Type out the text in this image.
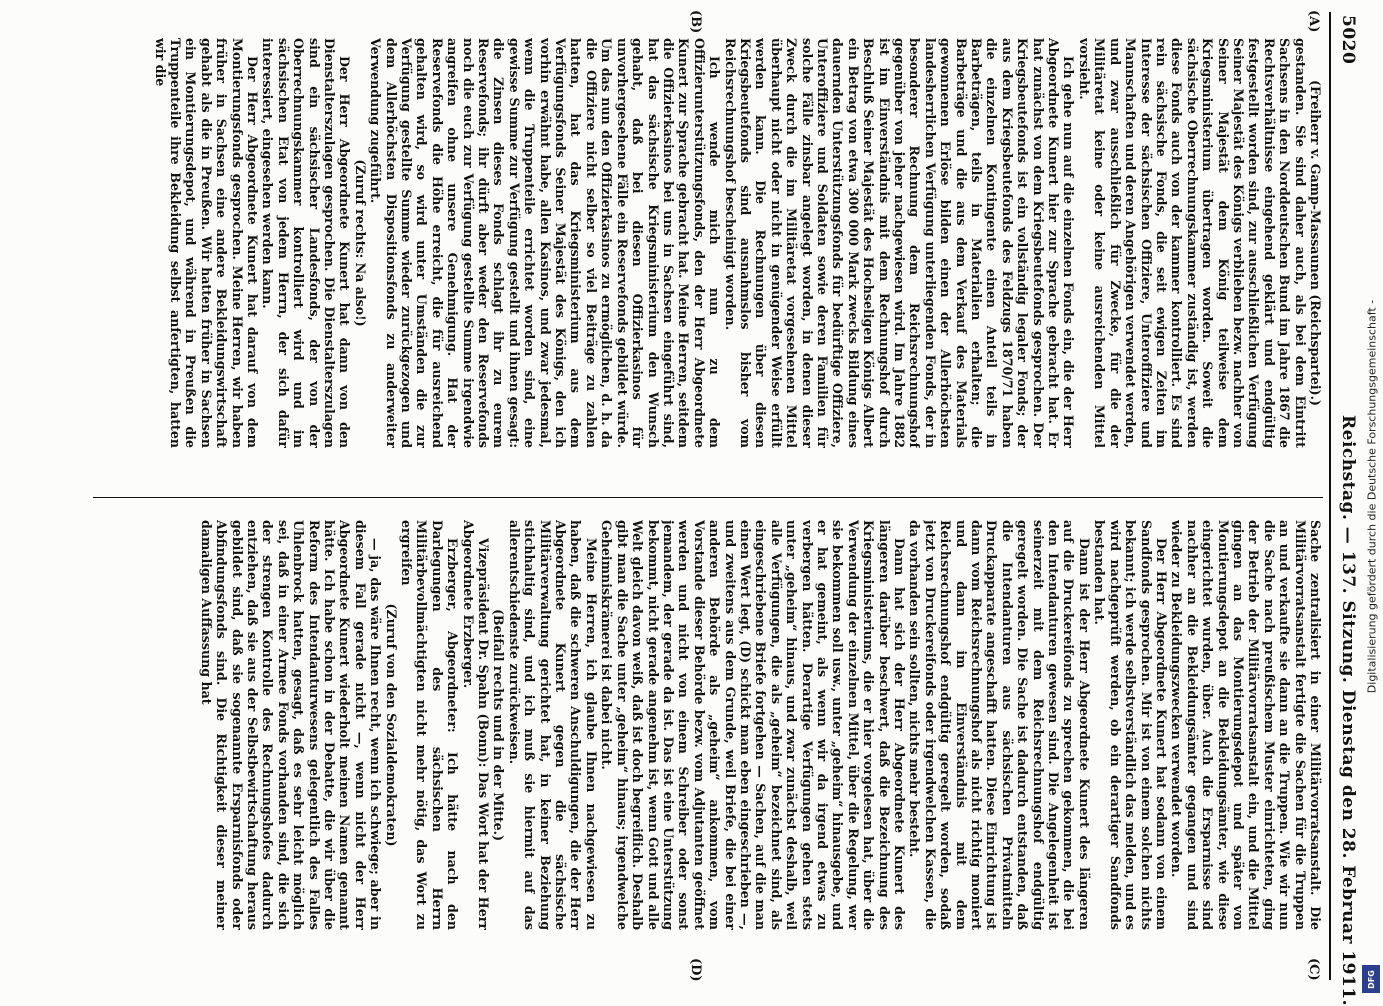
5020
Reichstag. — 137. Sitzung. Dienstag den 28. Februar 1911.
(A)
(B)
(C)
(D)

(Freiherr v. Gamp-Massaunen (Reichspartei).)

gestanden. Sie sind daher auch, als bei dem Eintritt Sachsens in den Norddeutschen Bund im Jahre 1867 die Rechtsverhältnisse eingehend geklärt und endgültig festgestellt worden sind, zur ausschließlichen Verfügung Seiner Majestät des Königs verblieben bezw. nachher von Seiner Majestät dem König teilweise dem Kriegsministerium übertragen worden. Soweit die sächsische Oberrechnungskammer zuständig ist, werden diese Fonds auch von der kammer kontrolliert. Es sind rein sächsische Fonds, die seit ewigen Zeiten im Interesse der sächsischen Offiziere, Unteroffiziere und Mannschaften und deren Angehörigen verwendet werden, und zwar ausschließlich für Zwecke, für die der Militäretat keine oder keine ausreichenden Mittel vorsieht.

Ich gehe nun auf die einzelnen Fonds ein, die der Herr Abgeordnete Kunert hier zur Sprache gebracht hat. Er hat zunächst von dem Kriegsbeutefonds gesprochen. Der Kriegsbeutefonds ist ein vollständig legaler Fonds; der aus dem Kriegsbeutefonds des Feldzugs 1870/71 haben die einzelnen Kontingente einen Anteil teils in Barbeträgen, teils in Materialien erhalten; die Barbeträge und die aus dem Verkauf des Materials gewonnenen Erlöse bilden einen der Allerhöchsten landesherrlichen Verfügung unterliegenden Fonds, der in besonderer Rechnung dem Reichsrechnungshof gegenüber von jeher nachgewiesen wird. Im Jahre 1882 ist im Einverständnis mit dem Rechnungshof durch Beschluß Seiner Majestät des Hochseligen Königs Albert ein Betrag von etwa 300 000 Mark zwecks Bildung eines dauernden Unterstützungsfonds für bedürftige Offiziere, Unteroffiziere und Soldaten sowie deren Familien für solche Fälle zinsbar angelegt worden, in denen dieser Zweck durch die im Militäretat vorgesehenen Mittel überhaupt nicht oder nicht in genügender Weise erfüllt werden kann. Die Rechnungen über diesen Kriegsbeutefonds sind ausnahmslos bisher vom Reichsrechnungshof bescheinigt worden.

Ich wende mich nun zu dem Offizierunterstützungsfonds, den der Herr Abgeordnete Kunert zur Sprache gebracht hat. Meine Herren, seitdem die Offizierkasinos bei uns in Sachsen eingeführt sind, hat das sächsische Kriegsministerium den Wunsch gehabt, daß bei diesen Offizierkasinos für unvorhergesehene Fälle ein Reservefonds gebildet würde. Um das nun den Offizierkasinos zu ermöglichen, d. h. da die Offiziere nicht selber so viel Beiträge zu zahlen hatten, hat das Kriegsministerium aus dem Verfügungsfonds Seiner Majestät des Königs, den ich vorhin erwähnt habe, allen Kasinos, und zwar jedesmal, wenn die Truppenteile errichtet worden sind, eine gewisse Summe zur Verfügung gestellt und ihnen gesagt: die Zinsen dieses Fonds schlagt ihr zu eurem Reservefonds; ihr dürft aber weder den Reservefonds noch die euch zur Verfügung gestellte Summe irgendwie angreifen ohne unsere Genehmigung. Hat der Reservefonds die Höhe erreicht, die für ausreichend gehalten wird, so wird unter Umständen die zur Verfügung gestellte Summe wieder zurückgezogen und dem Allerhöchsten Dispositionsfonds zu anderweiter Verwendung zugeführt.

(Zuruf rechts: Na also!)

Der Herr Abgeordnete Kunert hat dann von den Dienstalterszulagen gesprochen. Die Dienstalterszulagen sind ein sächsischer Landesfonds, der von der Oberrechnungskammer kontrolliert wird und im sächsischen Etat von jedem Herrn, der sich dafür interessiert, eingesehen werden kann.

Der Herr Abgeordnete Kunert hat darauf von dem Montierungsfonds gesprochen. Meine Herren, wir haben früher in Sachsen eine andere Bekleidungswirtschaft gehabt als die in Preußen. Wir hatten früher in Sachsen ein Montierungsdepot, und während in Preußen die Truppenteile ihre Bekleidung selbst anfertigten, hatten wir die

Sache zentralisiert in einer Militärvorratsanstalt. Die Militärvorratsanstalt fertigte die Sachen für die Truppen an und verkaufte sie dann an die Truppen. Wie wir nun die Sache nach preußischem Muster einrichteten, ging der Betrieb der Militärvorratsanstalt ein, und die Mittel gingen an das Montierungsdepot und später von Montierungsdepot an die Bekleidungsämter, wie diese eingerichtet wurden, über. Auch die Ersparnisse sind nachher an die Bekleidungsämter gegangen und sind wieder zu Bekleidungszwecken verwendet worden.

Der Herr Abgeordnete Kunert hat sodann von einem Sandfonds gesprochen. Mir ist von einem solchen nichts bekannt; ich werde selbstverständlich das melden, und es wird nachgeprüft werden, ob ein derartiger Sandfonds bestanden hat.

Dann ist der Herr Abgeordnete Kunert des längeren auf die Druckereifonds zu sprechen gekommen, die bei den Intendanturen gewesen sind. Die Angelegenheit ist seinerzeit mit dem Reichsrechnungshof endgültig geregelt worden. Die Sache ist dadurch entstanden, daß die Intendanturen aus sächsischen Privatmitteln Druckapparate angeschafft hatten. Diese Einrichtung ist dann vom Reichsrechnungshof als nicht richtig moniert und dann im Einverständnis mit dem Reichsrechnungshof endgültig geregelt worden, sodaß jetzt von Druckereifonds oder irgendwelchen Kassen, die da vorhanden sein sollten, nichts mehr besteht.

Dann hat sich der Herr Abgeordnete Kunert des längeren darüber beschwert, daß die Bezeichnung des Kriegsministeriums, die er hier vorgelesen hat, über die Verwendung der einzelnen Mittel, über die Regelung, wer sie bekommen soll usw., unter „geheim“ hinausgebe, und er hat gemeint, als wenn wir da irgend etwas zu verbergen hätten. Derartige Verfügungen gehen stets unter „geheim“ hinaus, und zwar zunächst deshalb, weil alle Verfügungen, die als „geheim“ bezeichnet sind, als eingeschriebene Briefe fortgehen — Sachen, auf die man einen Wert legt, (D) schickt man eben eingeschrieben —, und zweitens aus dem Grunde, weil Briefe, die bei einer anderen Behörde als „geheim“ ankommen, vom Vorstande dieser Behörde bezw. vom Adjutanten geöffnet werden und nicht von einem Schreiber oder sonst jemandem, der gerade da ist. Das ist eine Unterstützung bekommt, nicht gerade angenehm ist, wenn Gott und alle Welt gleich davon weiß, daß ist doch begreiflich. Deshalb gibt man die Sache unter „geheim“ hinaus; irgendwelche Geheimniskrämerei ist dabei nicht.

Meine Herren, ich glaube Ihnen nachgewiesen zu haben, daß die schweren Anschuldigungen, die der Herr Abgeordnete Kunert gegen die sächsische Militärverwaltung gerichtet hat, in keiner Beziehung stichhaltig sind, und ich muß sie hiermit auf das allerentschiedenste zurückweisen.

(Beifall rechts und in der Mitte.)

Vizepräsident Dr. Spahn (Bonn): Das Wort hat der Herr Abgeordnete Erzberger.

Erzberger, Abgeordneter: Ich hätte nach den Darlegungen des sächsischen Herrn Militärbevollmächtigten nicht mehr nötig, das Wort zu ergreifen

(Zuruf von den Sozialdemokraten)

— ja, das wäre Ihnen recht, wenn ich schwiege; aber in diesem Fall gerade nicht —, wenn nicht der Herr Abgeordnete Kunert wiederholt meinen Namen genannt hätte. Ich habe schon in der Debatte, die wir über die Reform des Intendanturwesens gelegentlich des Falles Uhlenbrock hatten, gesagt, daß es sehr leicht möglich sei, daß in einer Armee Fonds vorhanden sind, die sich der strengen Kontrolle des Rechnungshofes dadurch entziehen, daß sie aus der Selbstbewirtschaftung heraus gebildet sind, daß sie sogenannte Ersparnisfonds oder Abfindungsfonds sind. Die Richtigkeit dieser meiner damaligen Auffassung hat	Digitalisierung gefördert durch die Deutsche Forschungsgemeinschaft -
DFG
